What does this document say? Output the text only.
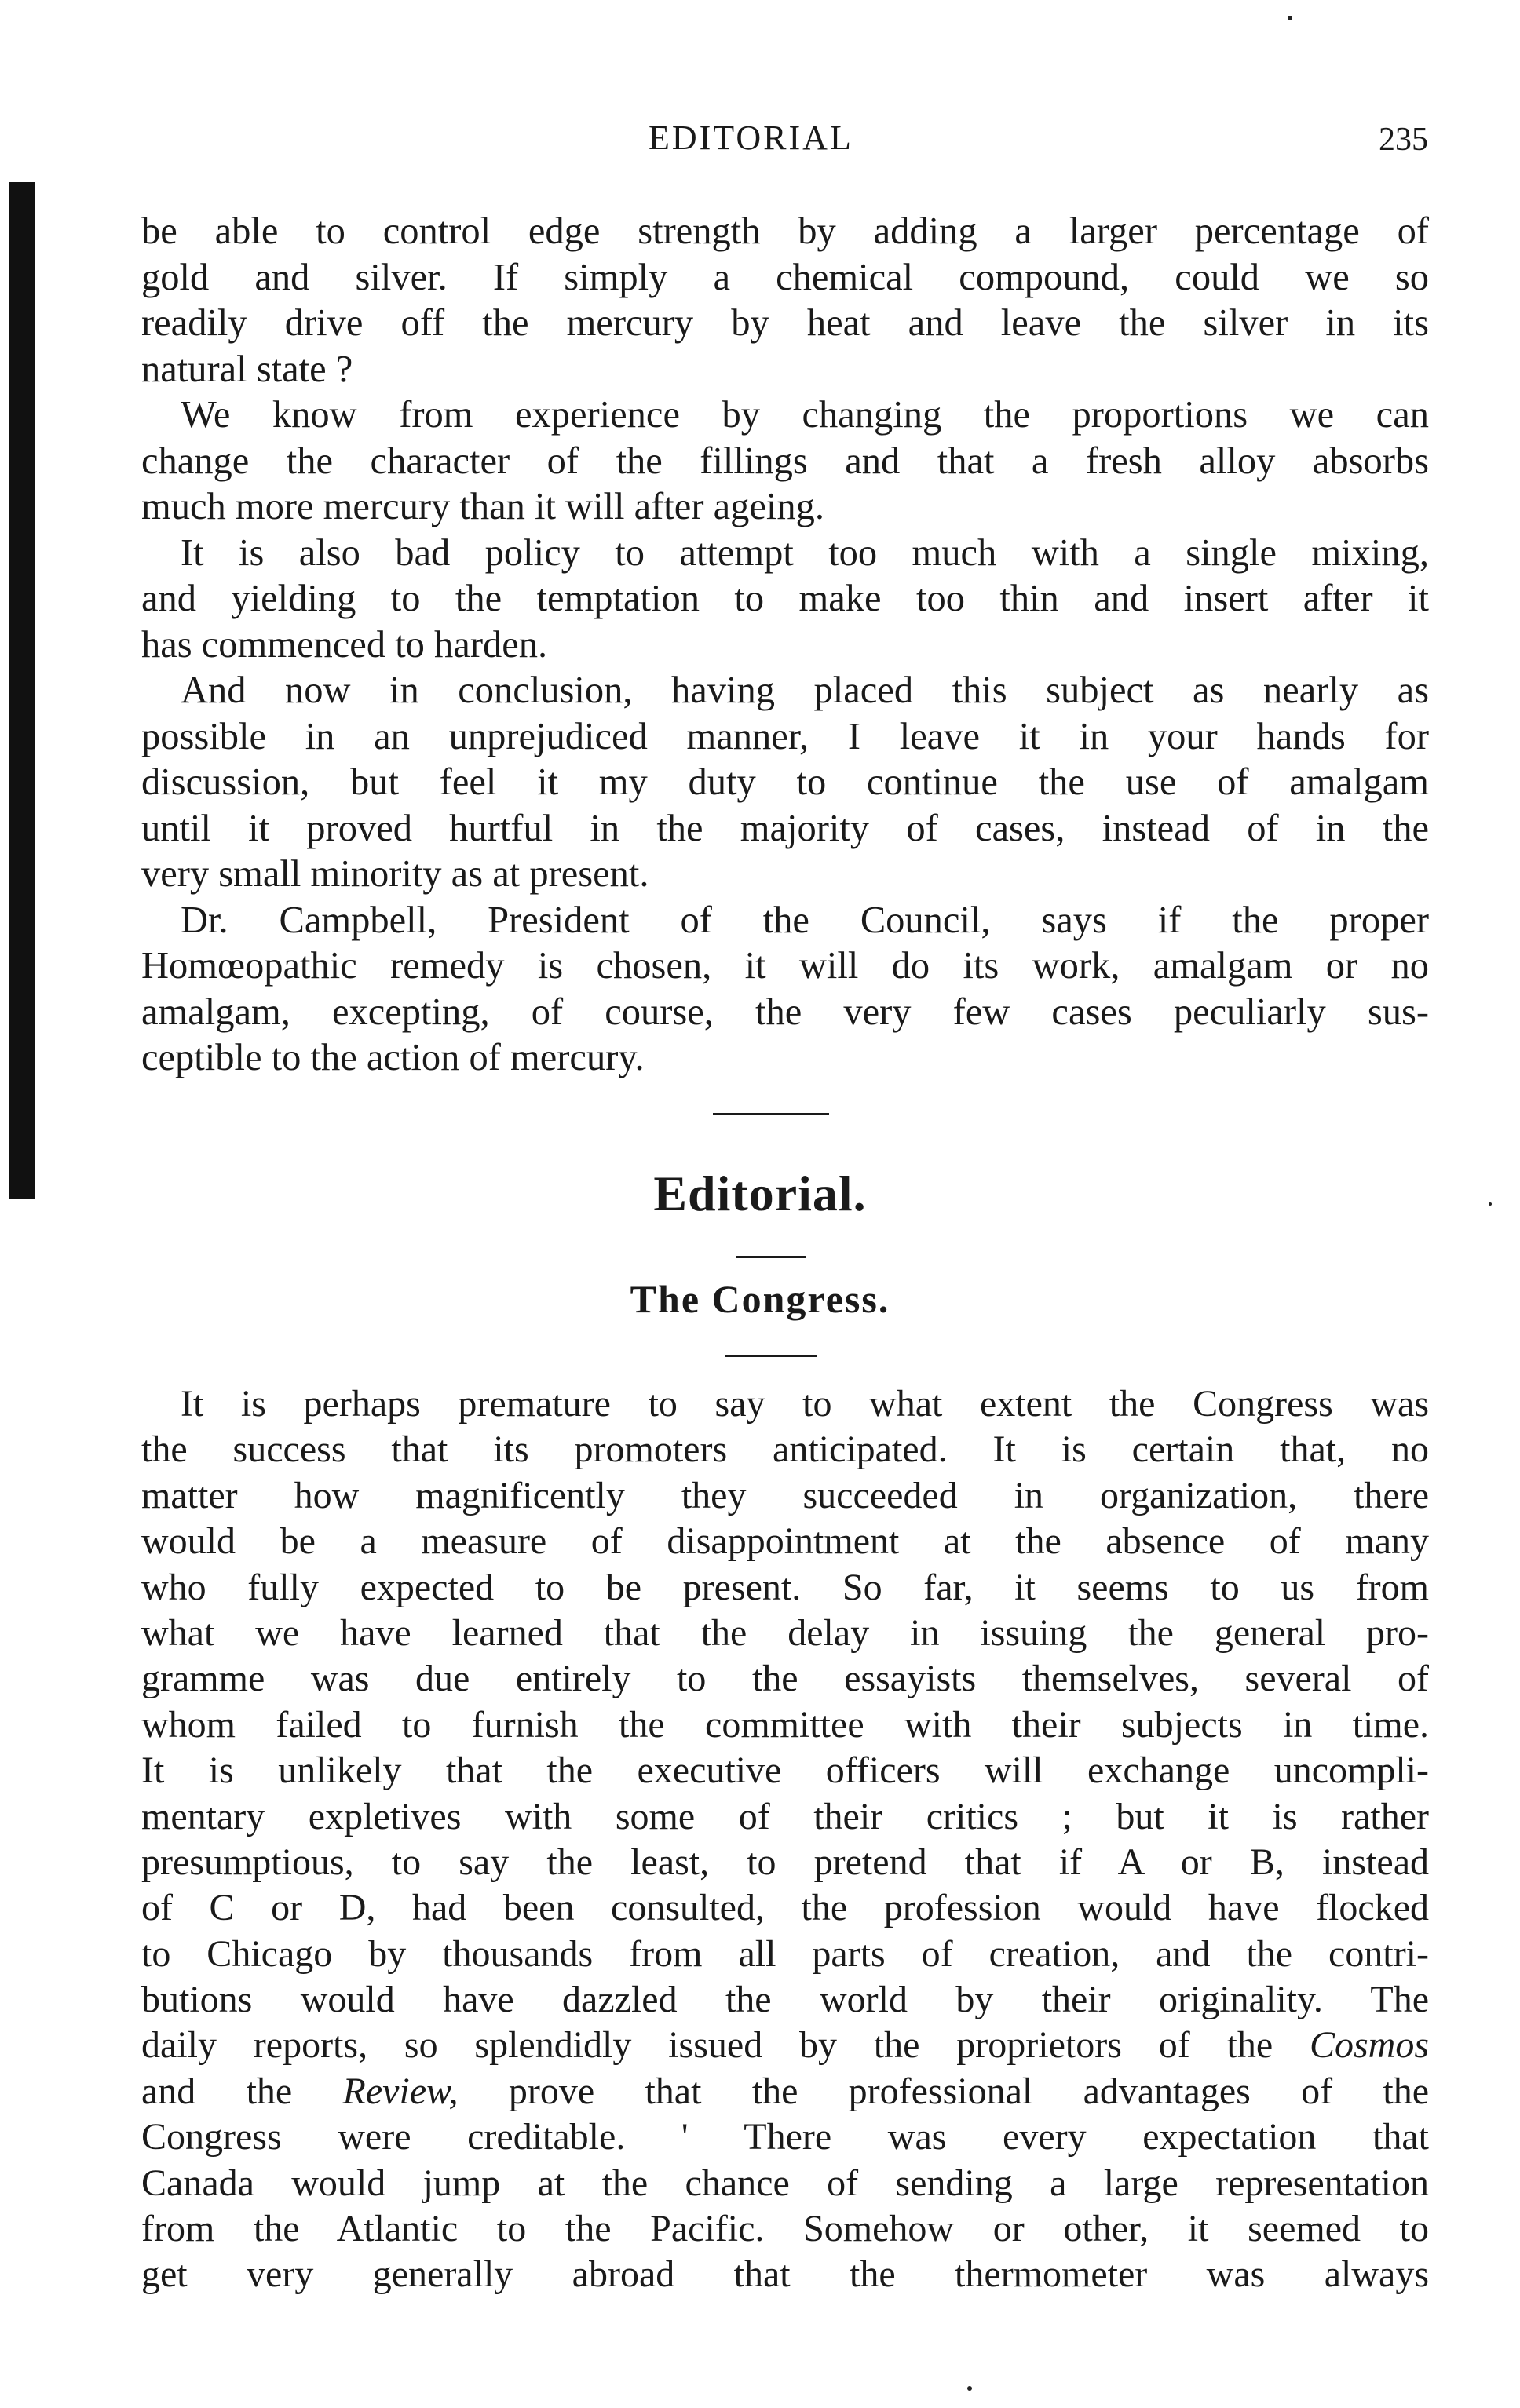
EDITORIAL	235
be able to control edge strength by adding a larger percentage of
gold and silver. If simply a chemical compound, could we so
readily drive off the mercury by heat and leave the silver in its
natural state ?
We know from experience by changing the proportions we can
change the character of the fillings and that a fresh alloy absorbs
much more mercury than it will after ageing.
It is also bad policy to attempt too much with a single mixing,
and yielding to the temptation to make too thin and insert after it
has commenced to harden.
And now in conclusion, having placed this subject as nearly as
possible in an unprejudiced manner, I leave it in your hands for
discussion, but feel it my duty to continue the use of amalgam
until it proved hurtful in the majority of cases, instead of in the
very small minority as at present.
Dr. Campbell, President of the Council, says if the proper
Homœopathic remedy is chosen, it will do its work, amalgam or no
amalgam, excepting, of course, the very few cases peculiarly sus-
ceptible to the action of mercury.
Editorial.
The Congress.
It is perhaps premature to say to what extent the Congress was
the success that its promoters anticipated. It is certain that, no
matter how magnificently they succeeded in organization, there
would be a measure of disappointment at the absence of many
who fully expected to be present. So far, it seems to us from
what we have learned that the delay in issuing the general pro-
gramme was due entirely to the essayists themselves, several of
whom failed to furnish the committee with their subjects in time.
It is unlikely that the executive officers will exchange uncompli-
mentary expletives with some of their critics ; but it is rather
presumptious, to say the least, to pretend that if A or B, instead
of C or D, had been consulted, the profession would have flocked
to Chicago by thousands from all parts of creation, and the contri-
butions would have dazzled the world by their originality. The
daily reports, so splendidly issued by the proprietors of the Cosmos
and the Review, prove that the professional advantages of the
Congress were creditable. ' There was every expectation that
Canada would jump at the chance of sending a large representation
from the Atlantic to the Pacific. Somehow or other, it seemed to
get very generally abroad that the thermometer was always
